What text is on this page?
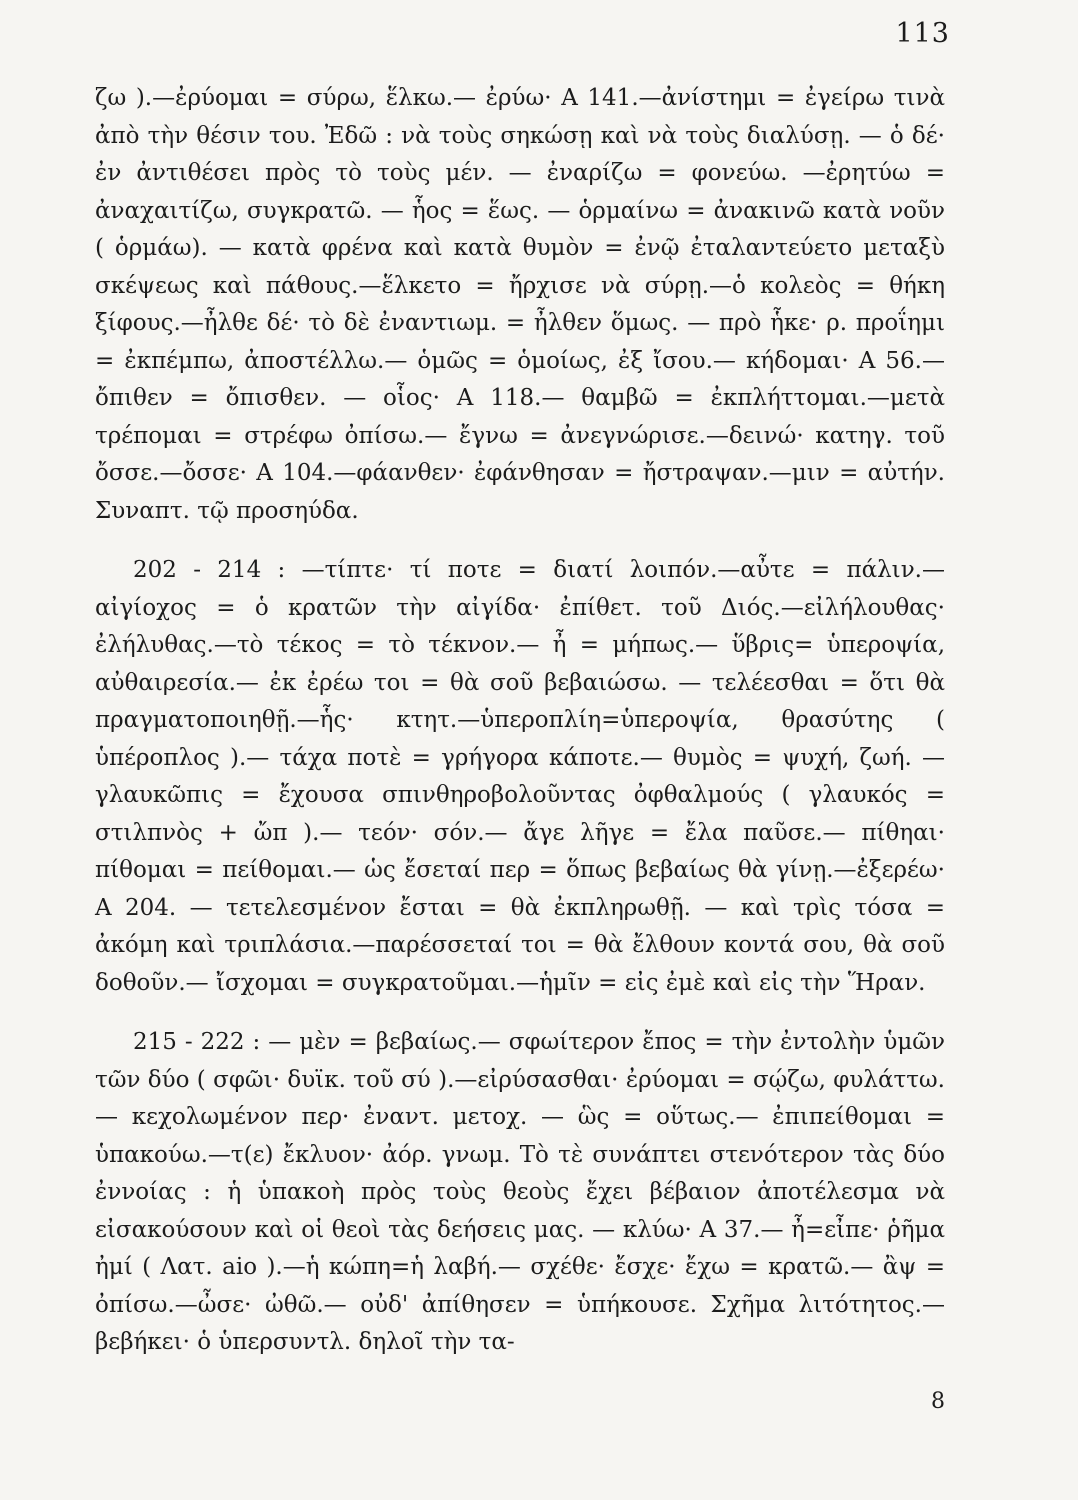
113

ζω ).—ἐρύομαι = σύρω, ἕλκω.— ἐρύω· Α 141.—ἀνίστημι = ἐγείρω τινὰ ἀπὸ τὴν θέσιν του. Ἐδῶ : νὰ τοὺς σηκώσῃ καὶ νὰ τοὺς διαλύσῃ. — ὁ δέ· ἐν ἀντιθέσει πρὸς τὸ τοὺς μέν. — ἐναρίζω = φονεύω. —ἐρητύω = ἀναχαιτίζω, συγκρατῶ. — ἧος = ἕως. — ὁρμαίνω = ἀνακινῶ κατὰ νοῦν ( ὁρμάω). — κατὰ φρένα καὶ κατὰ θυμὸν = ἐνῷ ἐταλαντεύετο μεταξὺ σκέψεως καὶ πάθους.—ἕλκετο = ἤρχισε νὰ σύρῃ.—ὁ κολεὸς = θήκη ξίφους.—ἦλθε δέ· τὸ δὲ ἐναντιωμ. = ἦλθεν ὅμως. — πρὸ ἧκε· ρ. προΐημι = ἐκπέμπω, ἀποστέλλω.— ὁμῶς = ὁμοίως, ἐξ ἴσου.— κήδομαι· Α 56.— ὄπιθεν = ὄπισθεν. — οἷος· Α 118.— θαμβῶ = ἐκπλήττομαι.—μετὰ τρέπομαι = στρέφω ὀπίσω.— ἔγνω = ἀνεγνώρισε.—δεινώ· κατηγ. τοῦ ὄσσε.—ὄσσε· Α 104.—φάανθεν· ἐφάνθησαν = ἤστραψαν.—μιν = αὐτήν. Συναπτ. τῷ προσηύδα.

202 - 214 : —τίπτε· τί ποτε = διατί λοιπόν.—αὖτε = πάλιν.— αἰγίοχος = ὁ κρατῶν τὴν αἰγίδα· ἐπίθετ. τοῦ Διός.—εἰλήλουθας· ἐλήλυθας.—τὸ τέκος = τὸ τέκνον.— ἦ = μήπως.— ὕβρις= ὑπεροψία, αὐθαιρεσία.— ἐκ ἐρέω τοι = θὰ σοῦ βεβαιώσω. — τελέεσθαι = ὅτι θὰ πραγματοποιηθῇ.—ἧς· κτητ.—ὑπεροπλίη=ὑπεροψία, θρασύτης ( ὑπέροπλος ).— τάχα ποτὲ = γρήγορα κάποτε.— θυμὸς = ψυχή, ζωή. — γλαυκῶπις = ἔχουσα σπινθηροβολοῦντας ὀφθαλμούς ( γλαυκός = στιλπνὸς + ὤπ ).— τεόν· σόν.— ἄγε λῆγε = ἔλα παῦσε.— πίθηαι· πίθομαι = πείθομαι.— ὡς ἔσεταί περ = ὅπως βεβαίως θὰ γίνῃ.—ἐξερέω· Α 204. — τετελεσμένον ἔσται = θὰ ἐκπληρωθῇ. — καὶ τρὶς τόσα = ἀκόμη καὶ τριπλάσια.—παρέσσεταί τοι = θὰ ἔλθουν κοντά σου, θὰ σοῦ δοθοῦν.— ἴσχομαι = συγκρατοῦμαι.—ἡμῖν = εἰς ἐμὲ καὶ εἰς τὴν Ἥραν.

215 - 222 : — μὲν = βεβαίως.— σφωίτερον ἔπος = τὴν ἐντολὴν ὑμῶν τῶν δύο ( σφῶι· δυϊκ. τοῦ σύ ).—εἰρύσασθαι· ἐρύομαι = σῴζω, φυλάττω.— κεχολωμένον περ· ἐναντ. μετοχ. — ὣς = οὕτως.— ἐπιπείθομαι = ὑπακούω.—τ(ε) ἔκλυον· ἀόρ. γνωμ. Τὸ τὲ συνάπτει στενότερον τὰς δύο ἐννοίας : ἡ ὑπακοὴ πρὸς τοὺς θεοὺς ἔχει βέβαιον ἀποτέλεσμα νὰ εἰσακούσουν καὶ οἱ θεοὶ τὰς δεήσεις μας. — κλύω· Α 37.— ἦ=εἶπε· ῥῆμα ἠμί ( Λατ. aio ).—ἡ κώπη=ἡ λαβή.— σχέθε· ἔσχε· ἔχω = κρατῶ.— ἂψ = ὀπίσω.—ὦσε· ὠθῶ.— οὐδ' ἀπίθησεν = ὑπήκουσε. Σχῆμα λιτότητος.— βεβήκει· ὁ ὑπερσυντλ. δηλοῖ τὴν τα-

8
